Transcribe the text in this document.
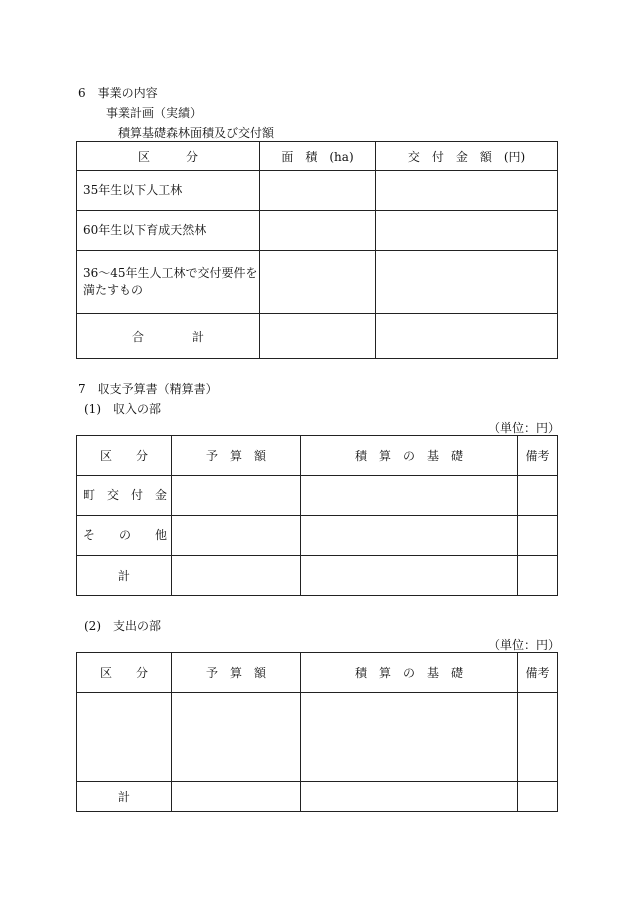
6　事業の内容
事業計画（実績）
積算基礎森林面積及び交付額
区　　　分	面　積　(ha)	交　付　金　額　(円)
35年生以下人工林		
60年生以下育成天然林		
36～45年生人工林で交付要件を満たすもの		
合　　　　計		
7　収支予算書（精算書）
(1)　収入の部
（単位：円）
区　　分	予　算　額	積　算　の　基　礎	備考
町　交　付　金			
そ　　の　　他			
計			
(2)　支出の部
（単位：円）
区　　分	予　算　額	積　算　の　基　礎	備考

計			
